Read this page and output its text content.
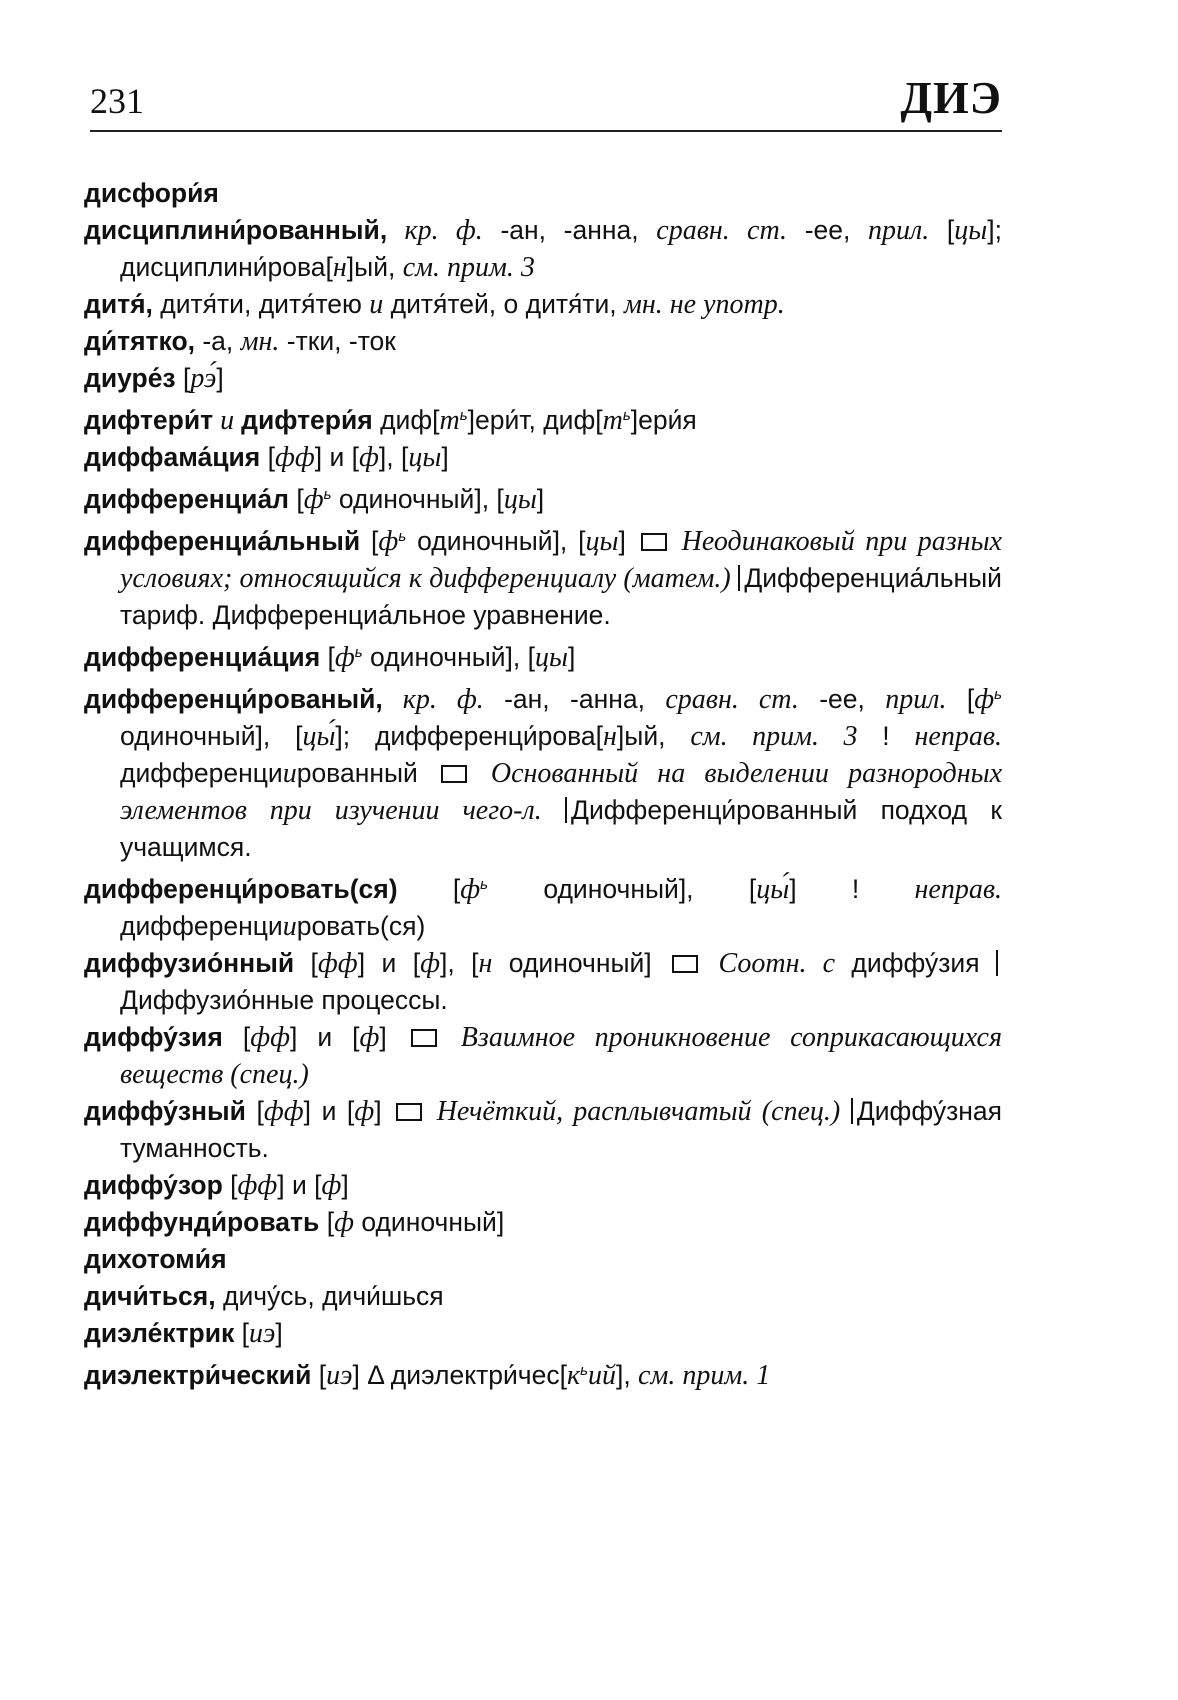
231	ДИЭ

дисфори́я

дисциплини́рованный, кр. ф. -ан, -анна, сравн. ст. -ее, прил. [цы]; дисциплини́рова[н]ый, см. прим. 3

дитя́, дитя́ти, дитя́тею и дитя́тей, о дитя́ти, мн. не употр.

ди́тятко, -а, мн. -тки, -ток

диуре́з [рэ́]

дифтери́т и дифтери́я $диф[т^ь]ери́т$, $диф[т^ь]ери́я$

диффама́ция [фф] и [ф], [цы]

дифференциа́л [$ф^ь$ одиночный], [цы]

дифференциа́льный [$ф^ь$ одиночный], [цы] Неодинаковый при разных условиях; относящийся к дифференциалу (матем.) Дифференциа́льный тариф. Дифференциа́льное уравнение.

дифференциа́ция [$ф^ь$ одиночный], [цы]

дифференци́рованый, кр. ф. -ан, -анна, сравн. ст. -ее, прил. [$ф^ь$ одиночный], [цы́]; дифференци́рова[н]ый, см. прим. 3 ! неправ. дифференциированный  Основанный на выделении разнородных элементов при изучении чего-л. Дифференци́рованный подход к учащимся.

дифференци́ровать(ся) [$ф^ь$ одиночный], [цы́] ! неправ. дифференциировать(ся)

диффузио́нный [фф] и [ф], [н одиночный]  Соотн. с диффу́зия Диффузио́нные процессы.

диффу́зия [фф] и [ф]  Взаимное проникновение соприкасающихся веществ (спец.)

диффу́зный [фф] и [ф]  Нечёткий, расплывчатый (спец.) Диффу́зная туманность.

диффу́зор [фф] и [ф]

диффунди́ровать [ф одиночный]

дихотоми́я

дичи́ться, дичу́сь, дичи́шься

диэле́ктрик [иэ]

диэлектри́ческий [иэ] Δ $диэлектри́чес[к^ьий]$, см. прим. 1
